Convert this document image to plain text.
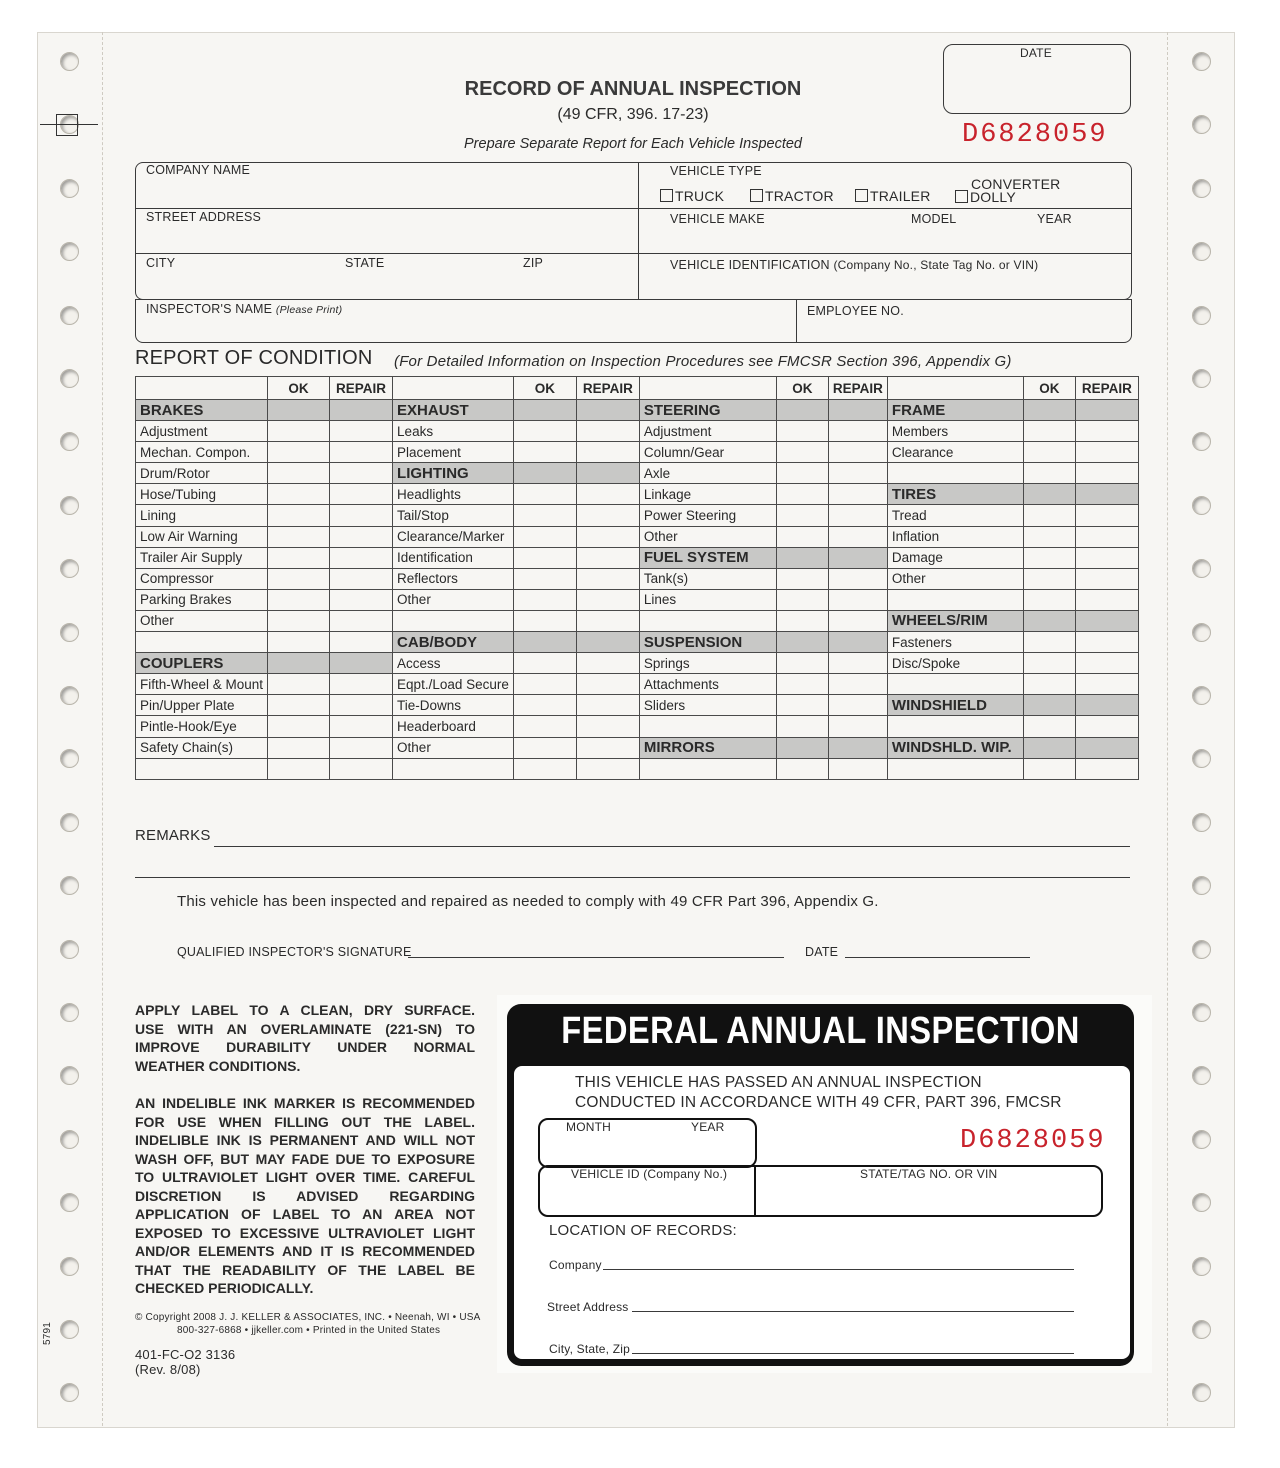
DATE
RECORD OF ANNUAL INSPECTION
(49 CFR, 396. 17-23)
Prepare Separate Report for Each Vehicle Inspected	D6828059
COMPANY NAME
STREET ADDRESS
CITY	STATE	ZIP
VEHICLE TYPE
TRUCK	TRACTOR	TRAILER
CONVERTER
DOLLY
VEHICLE MAKE	MODEL	YEAR
VEHICLE IDENTIFICATION (Company No., State Tag No. or VIN)
INSPECTOR'S NAME (Please Print)	EMPLOYEE NO.
REPORT OF CONDITION (For Detailed Information on Inspection Procedures see FMCSR Section 396, Appendix G)
	OK	REPAIR		OK	REPAIR		OK	REPAIR		OK	REPAIR
BRAKES			EXHAUST			STEERING			FRAME		
Adjustment			Leaks			Adjustment			Members		
Mechan. Compon.			Placement			Column/Gear			Clearance		
Drum/Rotor			LIGHTING			Axle					
Hose/Tubing			Headlights			Linkage			TIRES		
Lining			Tail/Stop			Power Steering			Tread		
Low Air Warning			Clearance/Marker			Other			Inflation		
Trailer Air Supply			Identification			FUEL SYSTEM			Damage		
Compressor			Reflectors			Tank(s)			Other		
Parking Brakes			Other			Lines					
Other									WHEELS/RIM		
			CAB/BODY			SUSPENSION			Fasteners		
COUPLERS			Access			Springs			Disc/Spoke		
Fifth-Wheel & Mount			Eqpt./Load Secure			Attachments					
Pin/Upper Plate			Tie-Downs			Sliders			WINDSHIELD		
Pintle-Hook/Eye			Headerboard								
Safety Chain(s)			Other			MIRRORS			WINDSHLD. WIP.		

REMARKS
This vehicle has been inspected and repaired as needed to comply with 49 CFR Part 396, Appendix G.
QUALIFIED INSPECTOR'S SIGNATURE	DATE
APPLY LABEL TO A CLEAN, DRY SURFACE.
USE WITH AN OVERLAMINATE (221-SN) TO
IMPROVE DURABILITY UNDER NORMAL
WEATHER CONDITIONS.
AN INDELIBLE INK MARKER IS RECOMMENDED
FOR USE WHEN FILLING OUT THE LABEL.
INDELIBLE INK IS PERMANENT AND WILL NOT
WASH OFF, BUT MAY FADE DUE TO EXPOSURE
TO ULTRAVIOLET LIGHT OVER TIME. CAREFUL
DISCRETION IS ADVISED REGARDING
APPLICATION OF LABEL TO AN AREA NOT
EXPOSED TO EXCESSIVE ULTRAVIOLET LIGHT
AND/OR ELEMENTS AND IT IS RECOMMENDED
THAT THE READABILITY OF THE LABEL BE
CHECKED PERIODICALLY.
© Copyright 2008 J. J. KELLER & ASSOCIATES, INC. • Neenah, WI • USA
800-327-6868 • jjkeller.com • Printed in the United States
401-FC-O2 3136
(Rev. 8/08)
5791
FEDERAL ANNUAL INSPECTION
THIS VEHICLE HAS PASSED AN ANNUAL INSPECTION
CONDUCTED IN ACCORDANCE WITH 49 CFR, PART 396, FMCSR
MONTH	YEAR	D6828059
VEHICLE ID (Company No.)	STATE/TAG NO. OR VIN
LOCATION OF RECORDS:
Company
Street Address
City, State, Zip
